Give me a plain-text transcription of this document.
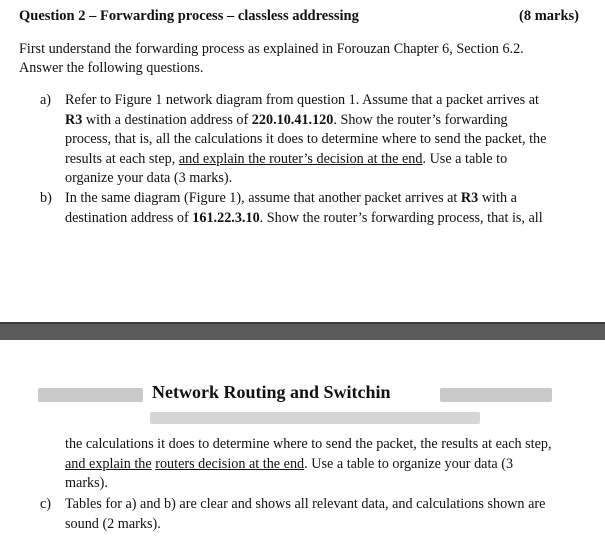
Question 2 – Forwarding process – classless addressing	(8 marks)
First understand the forwarding process as explained in Forouzan Chapter 6, Section 6.2.
Answer the following questions.
a) Refer to Figure 1 network diagram from question 1. Assume that a packet arrives at
R3 with a destination address of 220.10.41.120. Show the router’s forwarding
process, that is, all the calculations it does to determine where to send the packet, the
results at each step, and explain the router’s decision at the end. Use a table to
organize your data (3 marks).
b) In the same diagram (Figure 1), assume that another packet arrives at R3 with a
destination address of 161.22.3.10. Show the router’s forwarding process, that is, all
Network Routing and Switchin
the calculations it does to determine where to send the packet, the results at each step,
and explain the routers decision at the end. Use a table to organize your data (3
marks).
c) Tables for a) and b) are clear and shows all relevant data, and calculations shown are
sound (2 marks).
